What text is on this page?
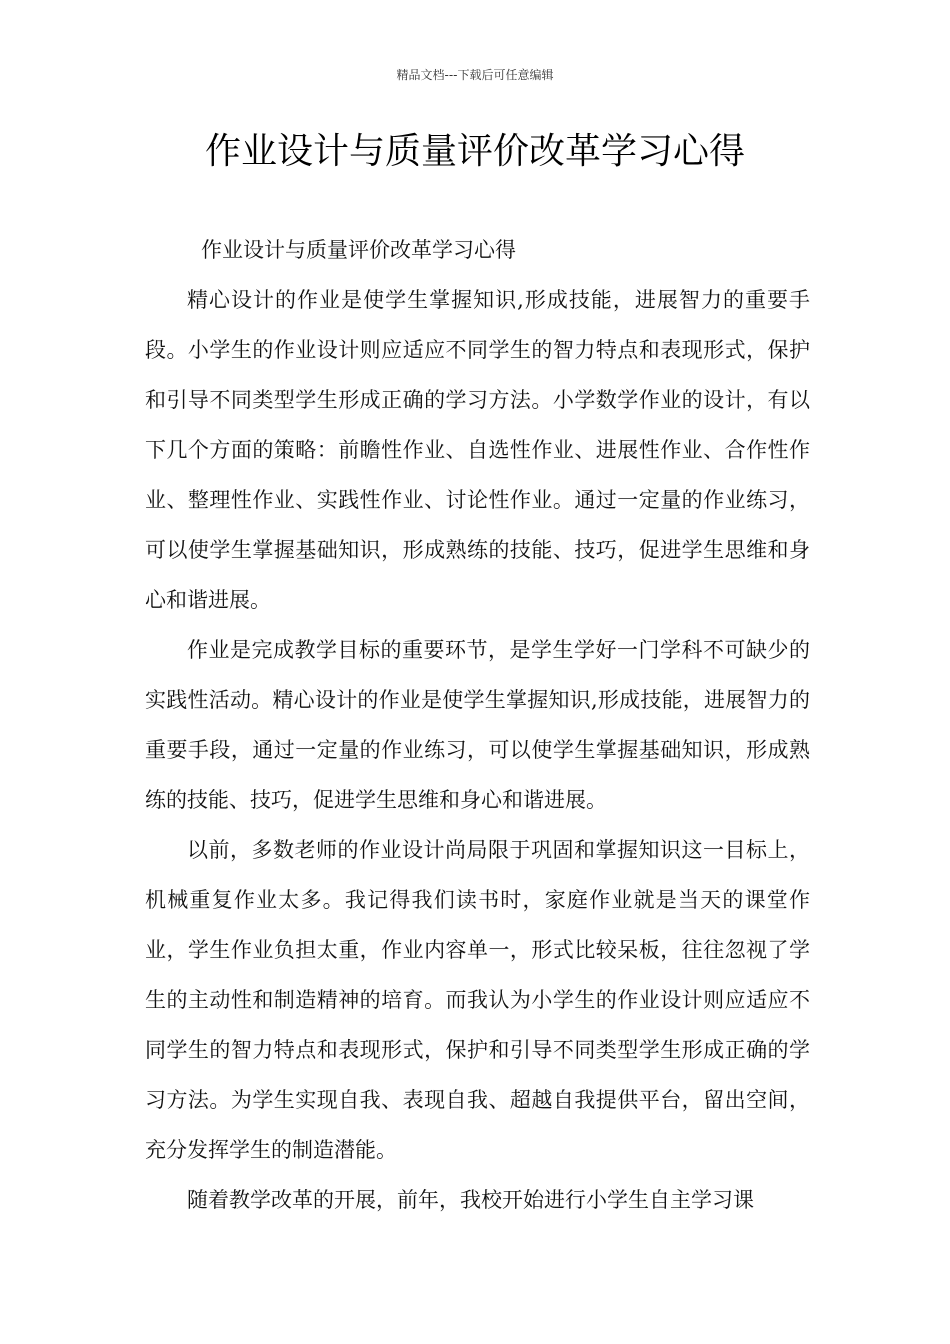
精品文档---下载后可任意编辑
作业设计与质量评价改革学习心得

作业设计与质量评价改革学习心得

精心设计的作业是使学生掌握知识,形成技能，进展智力的重要手段。小学生的作业设计则应适应不同学生的智力特点和表现形式，保护和引导不同类型学生形成正确的学习方法。小学数学作业的设计，有以下几个方面的策略：前瞻性作业、自选性作业、进展性作业、合作性作业、整理性作业、实践性作业、讨论性作业。通过一定量的作业练习，可以使学生掌握基础知识，形成熟练的技能、技巧，促进学生思维和身心和谐进展。

作业是完成教学目标的重要环节，是学生学好一门学科不可缺少的实践性活动。精心设计的作业是使学生掌握知识,形成技能，进展智力的重要手段，通过一定量的作业练习，可以使学生掌握基础知识，形成熟练的技能、技巧，促进学生思维和身心和谐进展。

以前，多数老师的作业设计尚局限于巩固和掌握知识这一目标上，机械重复作业太多。我记得我们读书时，家庭作业就是当天的课堂作业，学生作业负担太重，作业内容单一，形式比较呆板，往往忽视了学生的主动性和制造精神的培育。而我认为小学生的作业设计则应适应不同学生的智力特点和表现形式，保护和引导不同类型学生形成正确的学习方法。为学生实现自我、表现自我、超越自我提供平台，留出空间，充分发挥学生的制造潜能。

随着教学改革的开展，前年，我校开始进行小学生自主学习课
